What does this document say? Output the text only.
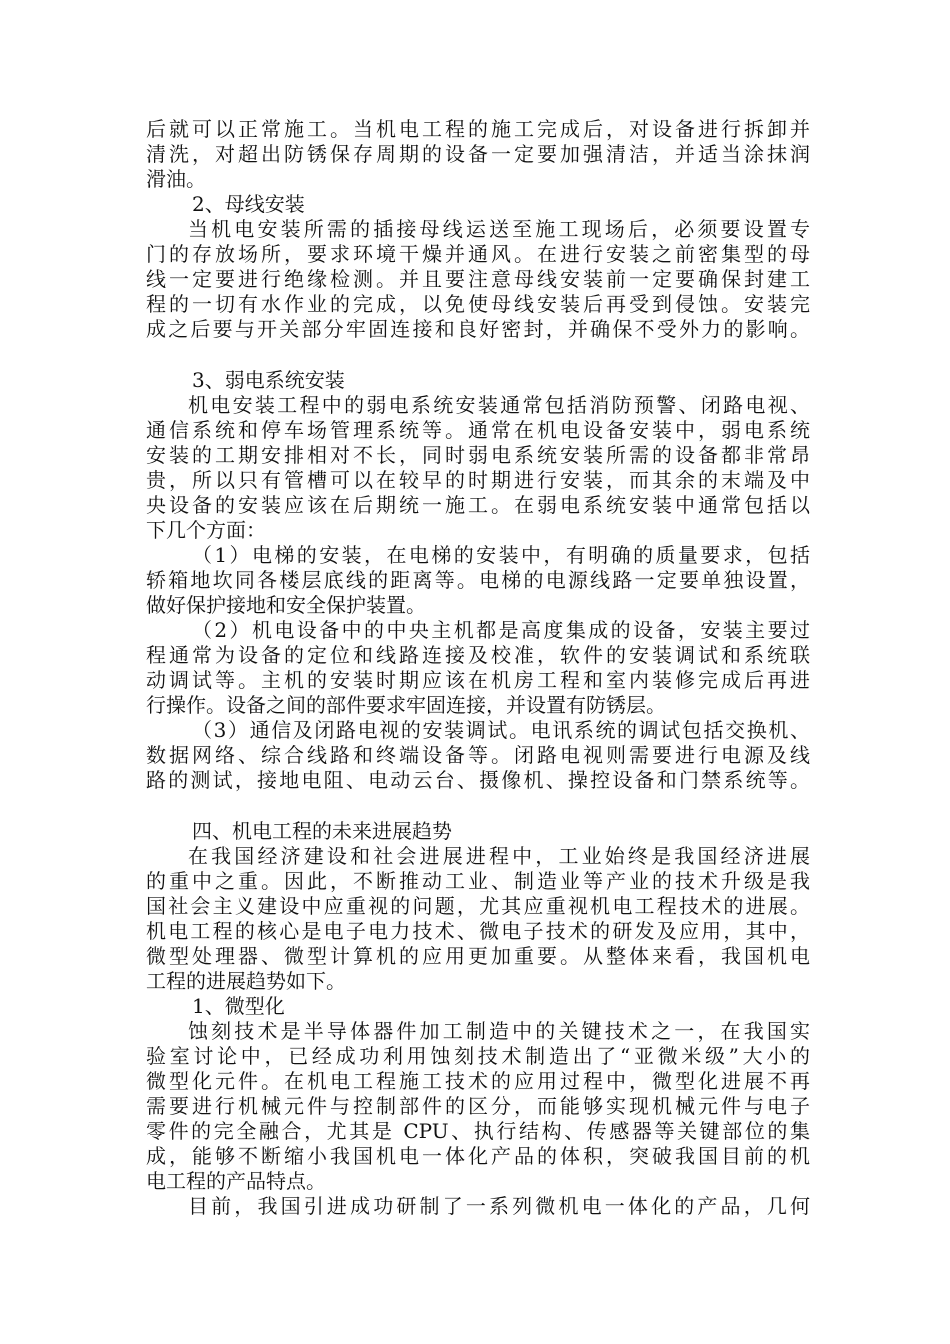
后就可以正常施工。当机电工程的施工完成后，对设备进行拆卸并
清洗，对超出防锈保存周期的设备一定要加强清洁，并适当涂抹润
滑油。
2、母线安装
当机电安装所需的插接母线运送至施工现场后，必须要设置专
门的存放场所，要求环境干燥并通风。在进行安装之前密集型的母
线一定要进行绝缘检测。并且要注意母线安装前一定要确保封建工
程的一切有水作业的完成，以免使母线安装后再受到侵蚀。安装完
成之后要与开关部分牢固连接和良好密封，并确保不受外力的影响。
3、弱电系统安装
机电安装工程中的弱电系统安装通常包括消防预警、闭路电视、
通信系统和停车场管理系统等。通常在机电设备安装中，弱电系统
安装的工期安排相对不长，同时弱电系统安装所需的设备都非常昂
贵，所以只有管槽可以在较早的时期进行安装，而其余的末端及中
央设备的安装应该在后期统一施工。在弱电系统安装中通常包括以
下几个方面：
（1）电梯的安装，在电梯的安装中，有明确的质量要求，包括
轿箱地坎同各楼层底线的距离等。电梯的电源线路一定要单独设置，
做好保护接地和安全保护装置。
（2）机电设备中的中央主机都是高度集成的设备，安装主要过
程通常为设备的定位和线路连接及校准，软件的安装调试和系统联
动调试等。主机的安装时期应该在机房工程和室内装修完成后再进
行操作。设备之间的部件要求牢固连接，并设置有防锈层。
（3）通信及闭路电视的安装调试。电讯系统的调试包括交换机、
数据网络、综合线路和终端设备等。闭路电视则需要进行电源及线
路的测试，接地电阻、电动云台、摄像机、操控设备和门禁系统等。
四、机电工程的未来进展趋势
在我国经济建设和社会进展进程中，工业始终是我国经济进展
的重中之重。因此，不断推动工业、制造业等产业的技术升级是我
国社会主义建设中应重视的问题，尤其应重视机电工程技术的进展。
机电工程的核心是电子电力技术、微电子技术的研发及应用，其中，
微型处理器、微型计算机的应用更加重要。从整体来看，我国机电
工程的进展趋势如下。
1、微型化
蚀刻技术是半导体器件加工制造中的关键技术之一，在我国实
验室讨论中，已经成功利用蚀刻技术制造出了“亚微米级”大小的
微型化元件。在机电工程施工技术的应用过程中，微型化进展不再
需要进行机械元件与控制部件的区分，而能够实现机械元件与电子
零件的完全融合，尤其是 CPU、执行结构、传感器等关键部位的集
成，能够不断缩小我国机电一体化产品的体积，突破我国目前的机
电工程的产品特点。
目前，我国引进成功研制了一系列微机电一体化的产品，几何
